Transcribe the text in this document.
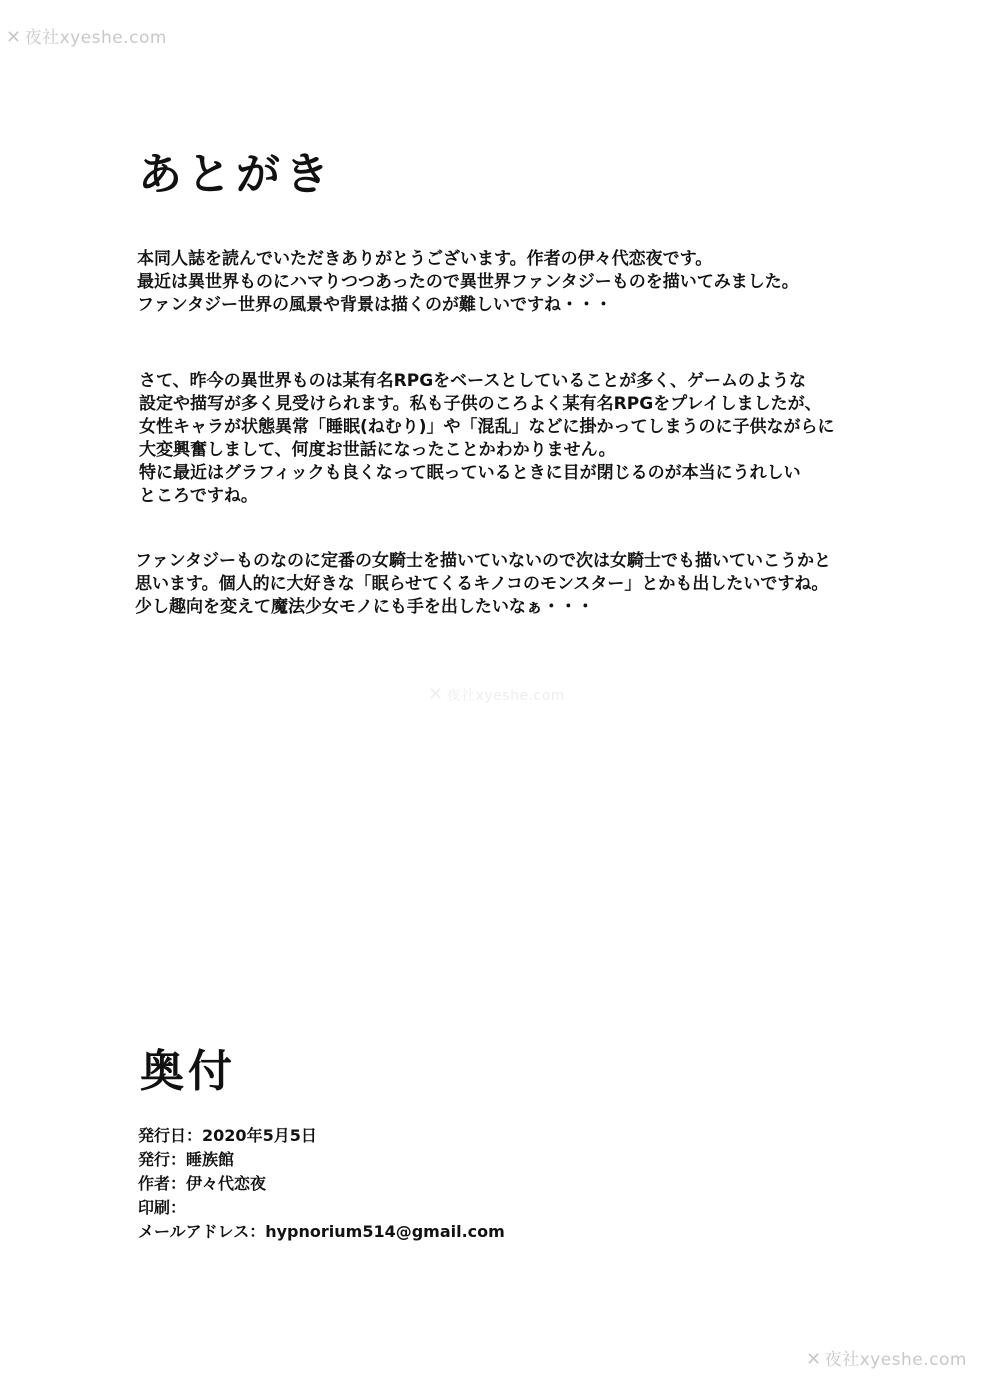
✕ 夜社xyeshe.com
✕ 夜社xyeshe.com
✕ 夜社xyeshe.com
あとがき
本同人誌を読んでいただきありがとうございます。作者の伊々代恋夜です。
最近は異世界ものにハマりつつあったので異世界ファンタジーものを描いてみました。
ファンタジー世界の風景や背景は描くのが難しいですね・・・
さて、昨今の異世界ものは某有名RPGをベースとしていることが多く、ゲームのような
設定や描写が多く見受けられます。私も子供のころよく某有名RPGをプレイしましたが、
女性キャラが状態異常「睡眠(ねむり)」や「混乱」などに掛かってしまうのに子供ながらに
大変興奮しまして、何度お世話になったことかわかりません。
特に最近はグラフィックも良くなって眠っているときに目が閉じるのが本当にうれしい
ところですね。
ファンタジーものなのに定番の女騎士を描いていないので次は女騎士でも描いていこうかと
思います。個人的に大好きな「眠らせてくるキノコのモンスター」とかも出したいですね。
少し趣向を変えて魔法少女モノにも手を出したいなぁ・・・
奥付
発行日：2020年5月5日
発行：睡族館
作者：伊々代恋夜
印刷：
メールアドレス：hypnorium514@gmail.com
